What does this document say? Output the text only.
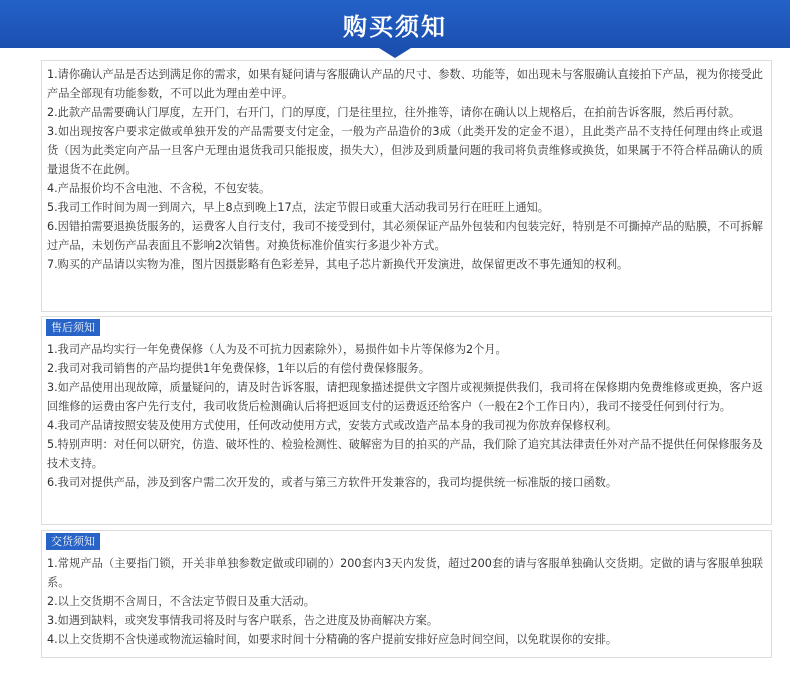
购买须知
1.请你确认产品是否达到满足你的需求，如果有疑问请与客服确认产品的尺寸、参数、功能等，如出现未与客服确认直接拍下产品，视为你接受此产品全部现有功能参数，不可以此为理由差中评。
2.此款产品需要确认门厚度，左开门，右开门，门的厚度，门是往里拉，往外推等，请你在确认以上规格后，在拍前告诉客服，然后再付款。
3.如出现按客户要求定做或单独开发的产品需要支付定金，一般为产品造价的3成（此类开发的定金不退），且此类产品不支持任何理由终止或退货（因为此类定向产品一旦客户无理由退货我司只能报废，损失大），但涉及到质量问题的我司将负责维修或换货，如果属于不符合样品确认的质量退货不在此例。
4.产品报价均不含电池、不含税，不包安装。
5.我司工作时间为周一到周六，早上8点到晚上17点，法定节假日或重大活动我司另行在旺旺上通知。
6.因错拍需要退换货服务的，运费客人自行支付，我司不接受到付，其必须保证产品外包装和内包装完好，特别是不可撕掉产品的贴膜，不可拆解过产品，未划伤产品表面且不影响2次销售。对换货标准价值实行多退少补方式。
7.购买的产品请以实物为准，图片因摄影略有色彩差异，其电子芯片新换代开发演进，故保留更改不事先通知的权利。
售后须知
1.我司产品均实行一年免费保修（人为及不可抗力因素除外），易损件如卡片等保修为2个月。
2.我司对我司销售的产品均提供1年免费保修，1年以后的有偿付费保修服务。
3.如产品使用出现故障，质量疑问的，请及时告诉客服，请把现象描述提供文字图片或视频提供我们，我司将在保修期内免费维修或更换，客户返回维修的运费由客户先行支付，我司收货后检测确认后将把返回支付的运费返还给客户（一般在2个工作日内），我司不接受任何到付行为。
4.我司产品请按照安装及使用方式使用，任何改动使用方式，安装方式或改造产品本身的我司视为你放弃保修权利。
5.特别声明：对任何以研究，仿造、破坏性的、检验检测性、破解密为目的拍买的产品，我们除了追究其法律责任外对产品不提供任何保修服务及技术支持。
6.我司对提供产品，涉及到客户需二次开发的，或者与第三方软件开发兼容的，我司均提供统一标准版的接口函数。
交货须知
1.常规产品（主要指门锁，开关非单独参数定做或印刷的）200套内3天内发货，超过200套的请与客服单独确认交货期。定做的请与客服单独联系。
2.以上交货期不含周日，不含法定节假日及重大活动。
3.如遇到缺料，或突发事情我司将及时与客户联系，告之进度及协商解决方案。
4.以上交货期不含快递或物流运输时间，如要求时间十分精确的客户提前安排好应急时间空间，以免耽误你的安排。
